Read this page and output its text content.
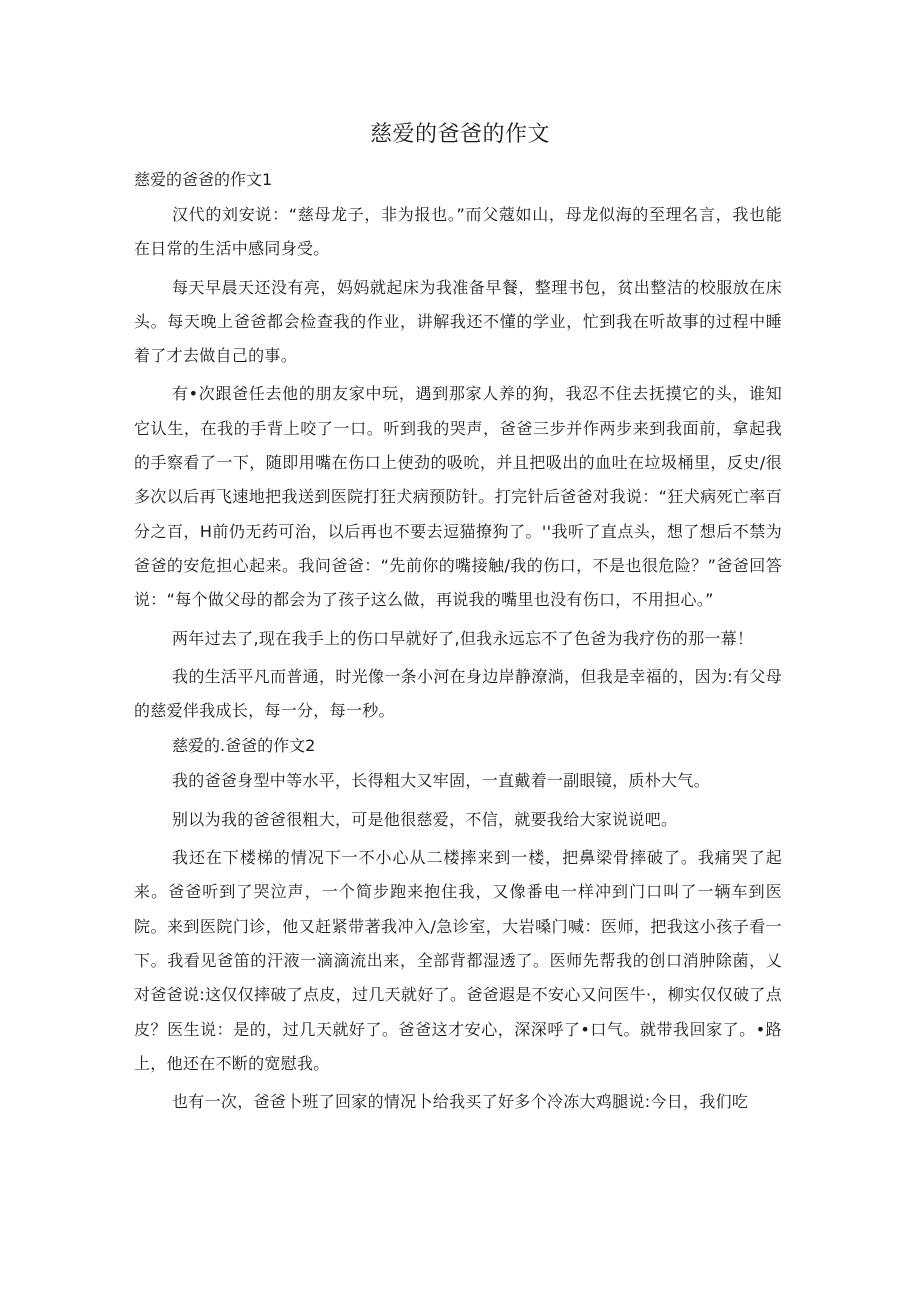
慈爱的爸爸的作文
慈爱的爸爸的作文1

汉代的刘安说：“慈母龙子，非为报也。”而父蔻如山，母龙似海的至理名言，我也能在日常的生活中感同身受。

每天早晨天还没有亮，妈妈就起床为我准备早餐，整理书包，贫出整洁的校服放在床头。每天晚上爸爸都会检查我的作业，讲解我还不懂的学业，忙到我在听故事的过程中睡着了才去做自己的事。

有•次跟爸任去他的朋友家中玩，遇到那家人养的狗，我忍不住去抚摸它的头，谁知它认生，在我的手背上咬了一口。听到我的哭声，爸爸三步并作两步来到我面前，拿起我的手察看了一下，随即用嘴在伤口上使劲的吸吮，并且把吸出的血吐在垃圾桶里，反史/很多次以后再飞速地把我送到医院打狂犬病预防针。打完针后爸爸对我说：“狂犬病死亡率百分之百，H前仍无药可治，以后再也不要去逗猫撩狗了。''我听了直点头，想了想后不禁为爸爸的安危担心起来。我问爸爸：“先前你的嘴接触/我的伤口，不是也很危险？”爸爸回答说：“每个做父母的都会为了孩子这么做，再说我的嘴里也没有伤口，不用担心。”

两年过去了,现在我手上的伤口早就好了,但我永远忘不了色爸为我疗伤的那一幕！

我的生活平凡而普通，时光像一条小河在身边岸静潦淌，但我是幸福的，因为:有父母的慈爱伴我成长，每一分，每一秒。

慈爱的.爸爸的作文2

我的爸爸身型中等水平，长得粗大又牢固，一直戴着一副眼镜，质朴大气。

别以为我的爸爸很粗大，可是他很慈爱，不信，就要我给大家说说吧。

我还在下楼梯的情况下一不小心从二楼摔来到一楼，把鼻梁骨摔破了。我痛哭了起来。爸爸听到了哭泣声，一个简步跑来抱住我，又像番电一样冲到门口叫了一辆车到医院。来到医院门诊，他又赶紧带著我冲入/急诊室，大岩嗓门喊：医师，把我这小孩子看一下。我看见爸笛的汗液一滴滴流出来，全部背都湿透了。医师先帮我的创口消肿除菌，乂对爸爸说:这仅仅摔破了点皮，过几天就好了。爸爸遐是不安心又问医牛·，柳实仅仅破了点皮？医生说：是的，过几天就好了。爸爸这才安心，深深呼了•口气。就带我回家了。•路上，他还在不断的宽慰我。

也有一次，爸爸卜班了回家的情况卜给我买了好多个冷冻大鸡腿说:今日，我们吃
